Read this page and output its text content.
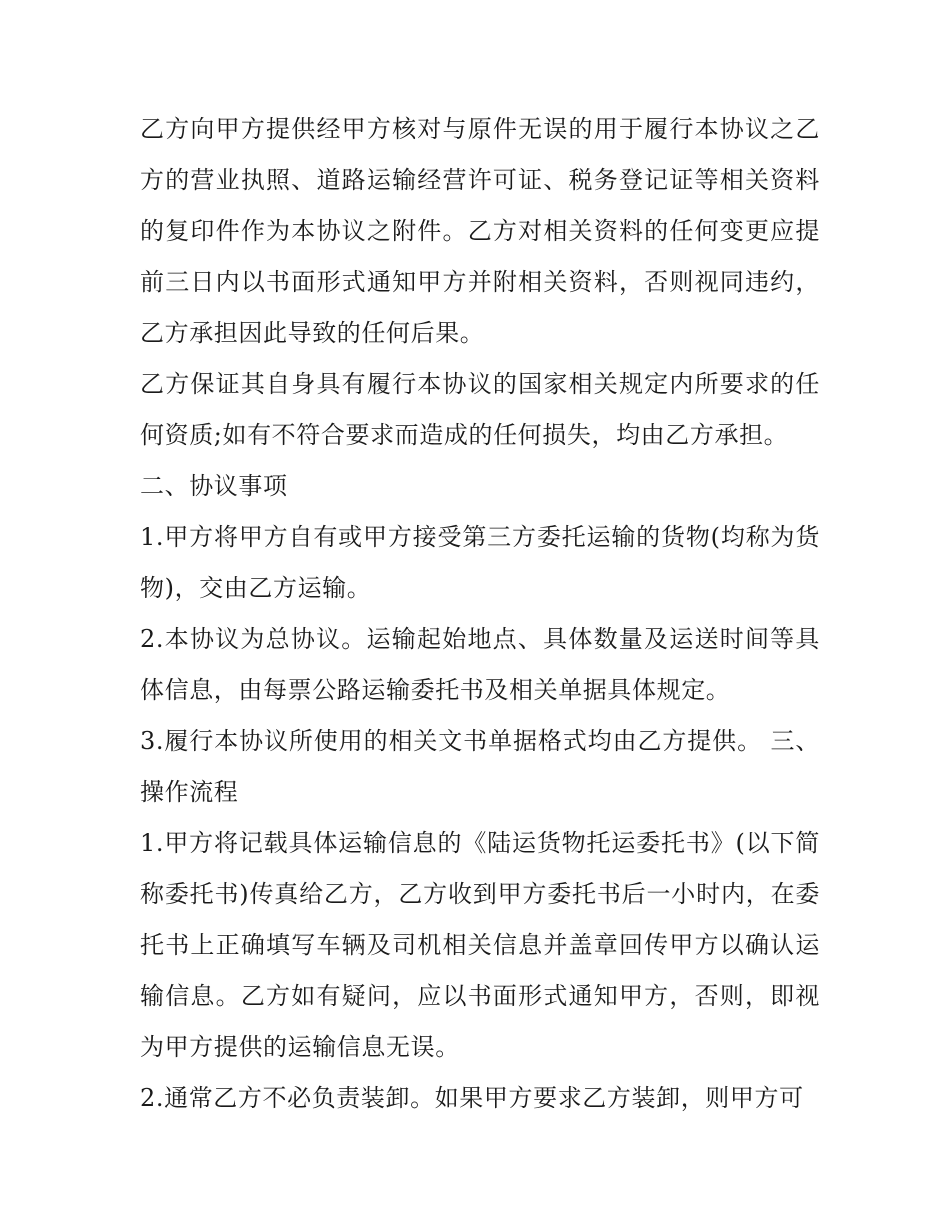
乙方向甲方提供经甲方核对与原件无误的用于履行本协议之乙方的营业执照、道路运输经营许可证、税务登记证等相关资料的复印件作为本协议之附件。乙方对相关资料的任何变更应提前三日内以书面形式通知甲方并附相关资料，否则视同违约，乙方承担因此导致的任何后果。

乙方保证其自身具有履行本协议的国家相关规定内所要求的任何资质;如有不符合要求而造成的任何损失，均由乙方承担。

二、协议事项

1.甲方将甲方自有或甲方接受第三方委托运输的货物(均称为货物)，交由乙方运输。

2.本协议为总协议。运输起始地点、具体数量及运送时间等具体信息，由每票公路运输委托书及相关单据具体规定。

3.履行本协议所使用的相关文书单据格式均由乙方提供。 三、操作流程

1.甲方将记载具体运输信息的《陆运货物托运委托书》(以下简称委托书)传真给乙方，乙方收到甲方委托书后一小时内，在委托书上正确填写车辆及司机相关信息并盖章回传甲方以确认运输信息。乙方如有疑问，应以书面形式通知甲方，否则，即视为甲方提供的运输信息无误。

2.通常乙方不必负责装卸。如果甲方要求乙方装卸，则甲方可
